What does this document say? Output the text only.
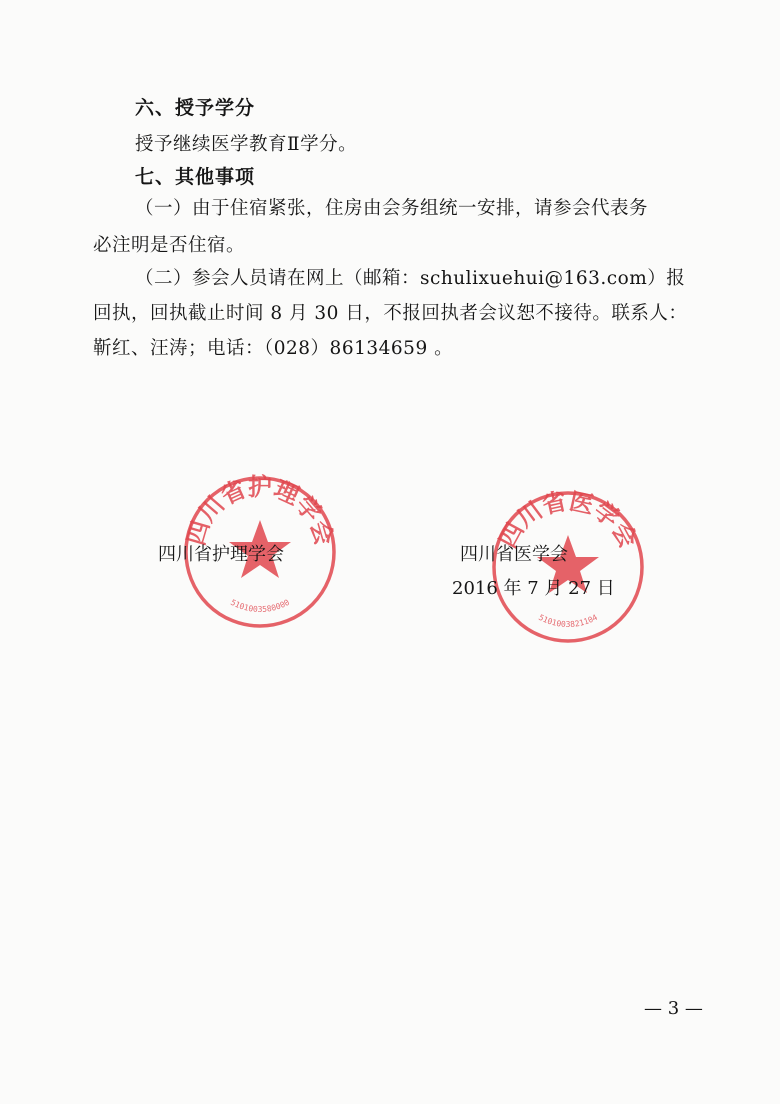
六、授予学分
授予继续医学教育Ⅱ学分。
七、其他事项
（一）由于住宿紧张，住房由会务组统一安排，请参会代表务
必注明是否住宿。
（二）参会人员请在网上（邮箱：schulixuehui@163.com）报
回执，回执截止时间 8 月 30 日，不报回执者会议恕不接待。联系人：
靳红、汪涛；电话：（028）86134659 。
四川省护理学会
5101003580000
四川省医学会
5101003821104
四川省护理学会	四川省医学会
2016 年 7 月 27 日
— 3 —
